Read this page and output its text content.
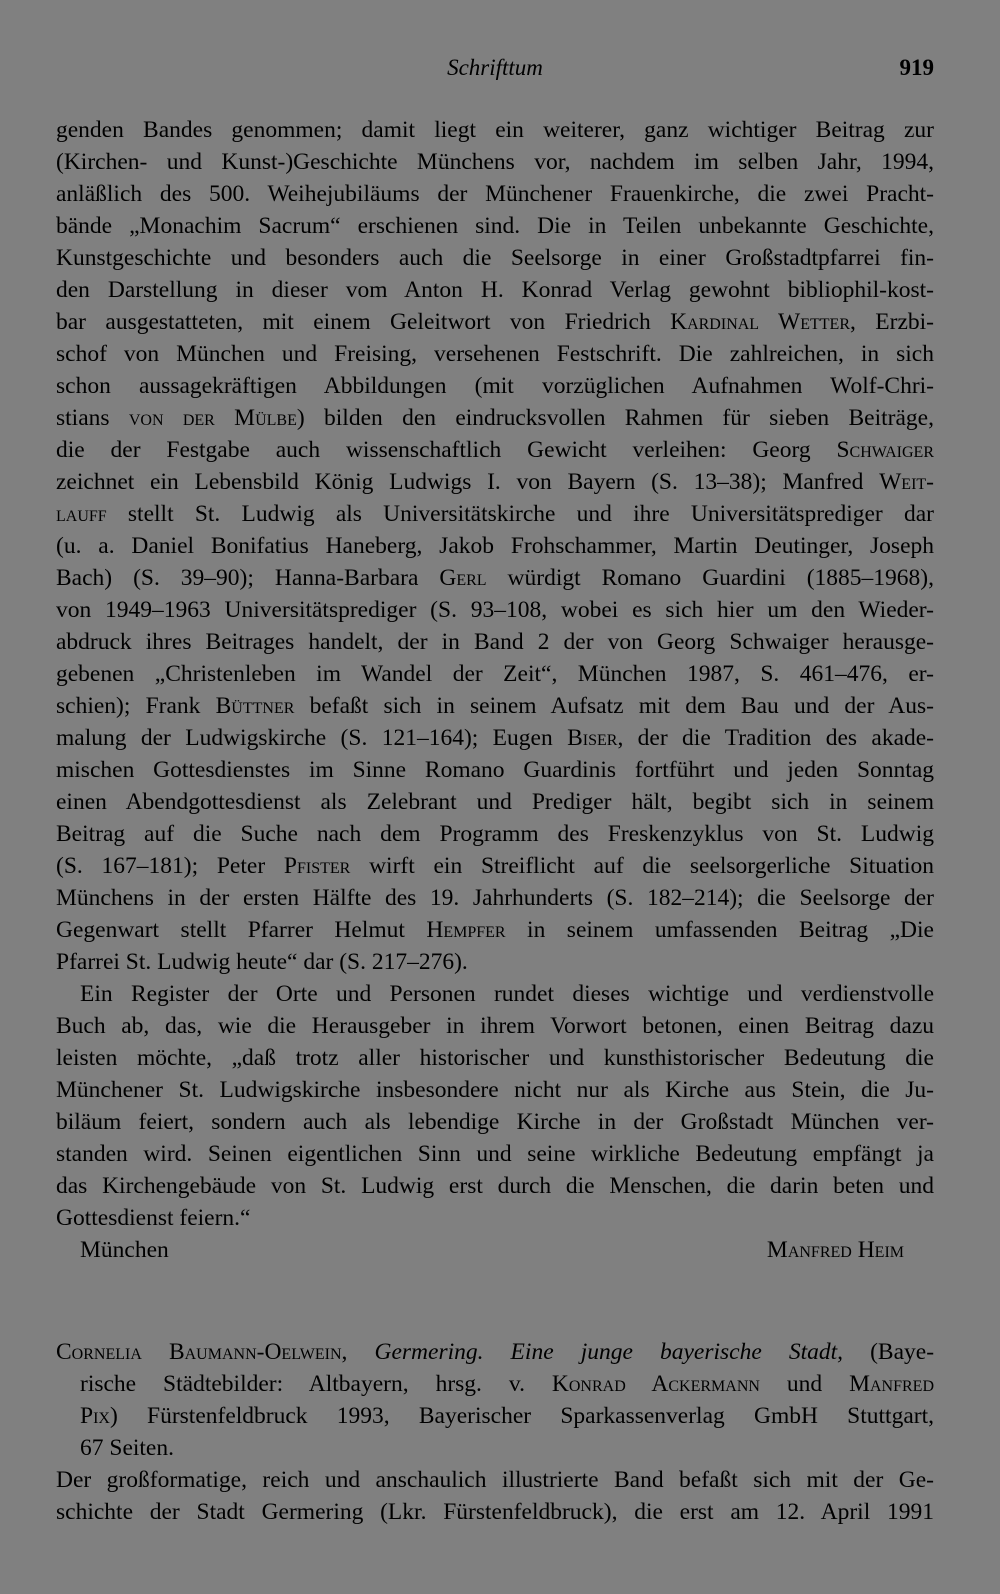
Schrifttum	919
genden Bandes genommen; damit liegt ein weiterer, ganz wichtiger Beitrag zur
(Kirchen- und Kunst-)Geschichte Münchens vor, nachdem im selben Jahr, 1994,
anläßlich des 500. Weihejubiläums der Münchener Frauenkirche, die zwei Pracht-
bände „Monachim Sacrum“ erschienen sind. Die in Teilen unbekannte Geschichte,
Kunstgeschichte und besonders auch die Seelsorge in einer Großstadtpfarrei fin-
den Darstellung in dieser vom Anton H. Konrad Verlag gewohnt bibliophil-kost-
bar ausgestatteten, mit einem Geleitwort von Friedrich Kardinal Wetter, Erzbi-
schof von München und Freising, versehenen Festschrift. Die zahlreichen, in sich
schon aussagekräftigen Abbildungen (mit vorzüglichen Aufnahmen Wolf-Chri-
stians von der Mülbe) bilden den eindrucksvollen Rahmen für sieben Beiträge,
die der Festgabe auch wissenschaftlich Gewicht verleihen: Georg Schwaiger
zeichnet ein Lebensbild König Ludwigs I. von Bayern (S. 13–38); Manfred Weit-
lauff stellt St. Ludwig als Universitätskirche und ihre Universitätsprediger dar
(u. a. Daniel Bonifatius Haneberg, Jakob Frohschammer, Martin Deutinger, Joseph
Bach) (S. 39–90); Hanna-Barbara Gerl würdigt Romano Guardini (1885–1968),
von 1949–1963 Universitätsprediger (S. 93–108, wobei es sich hier um den Wieder-
abdruck ihres Beitrages handelt, der in Band 2 der von Georg Schwaiger herausge-
gebenen „Christenleben im Wandel der Zeit“, München 1987, S. 461–476, er-
schien); Frank Büttner befaßt sich in seinem Aufsatz mit dem Bau und der Aus-
malung der Ludwigskirche (S. 121–164); Eugen Biser, der die Tradition des akade-
mischen Gottesdienstes im Sinne Romano Guardinis fortführt und jeden Sonntag
einen Abendgottesdienst als Zelebrant und Prediger hält, begibt sich in seinem
Beitrag auf die Suche nach dem Programm des Freskenzyklus von St. Ludwig
(S. 167–181); Peter Pfister wirft ein Streiflicht auf die seelsorgerliche Situation
Münchens in der ersten Hälfte des 19. Jahrhunderts (S. 182–214); die Seelsorge der
Gegenwart stellt Pfarrer Helmut Hempfer in seinem umfassenden Beitrag „Die
Pfarrei St. Ludwig heute“ dar (S. 217–276).
Ein Register der Orte und Personen rundet dieses wichtige und verdienstvolle
Buch ab, das, wie die Herausgeber in ihrem Vorwort betonen, einen Beitrag dazu
leisten möchte, „daß trotz aller historischer und kunsthistorischer Bedeutung die
Münchener St. Ludwigskirche insbesondere nicht nur als Kirche aus Stein, die Ju-
biläum feiert, sondern auch als lebendige Kirche in der Großstadt München ver-
standen wird. Seinen eigentlichen Sinn und seine wirkliche Bedeutung empfängt ja
das Kirchengebäude von St. Ludwig erst durch die Menschen, die darin beten und
Gottesdienst feiern.“
München	Manfred Heim
Cornelia Baumann-Oelwein, Germering. Eine junge bayerische Stadt, (Baye-
rische Städtebilder: Altbayern, hrsg. v. Konrad Ackermann und Manfred
Pix) Fürstenfeldbruck 1993, Bayerischer Sparkassenverlag GmbH Stuttgart,
67 Seiten.
Der großformatige, reich und anschaulich illustrierte Band befaßt sich mit der Ge-
schichte der Stadt Germering (Lkr. Fürstenfeldbruck), die erst am 12. April 1991
